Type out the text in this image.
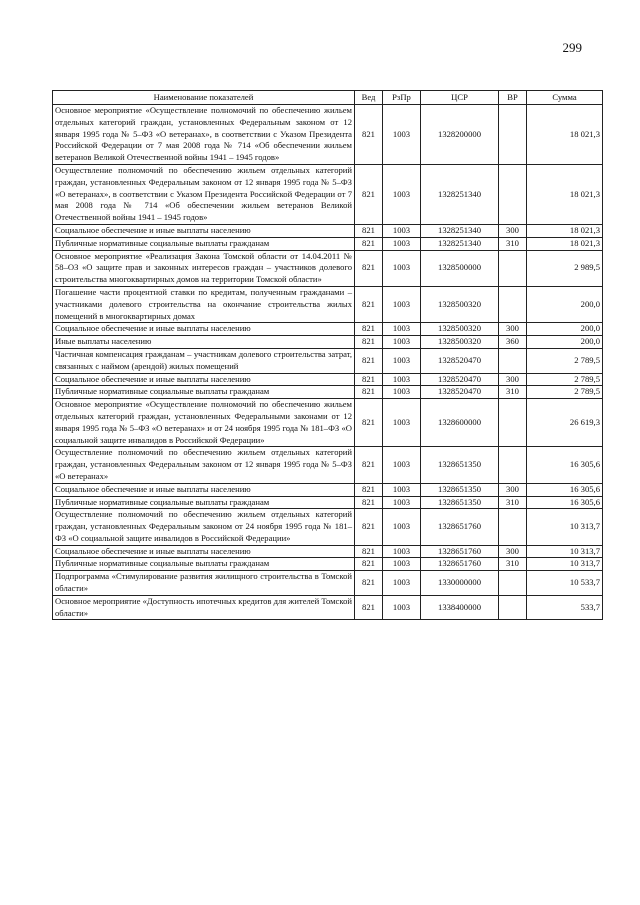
299
Наименование показателей	Вед	РзПр	ЦСР	ВР	Сумма
Основное мероприятие «Осуществление полномочий по обеспечению жильем отдельных категорий граждан, установленных Федеральным законом от 12 января 1995 года № 5–ФЗ «О ветеранах», в соответствии с Указом Президента Российской Федерации от 7 мая 2008 года № 714 «Об обеспечении жильем ветеранов Великой Отечественной войны 1941 – 1945 годов»	821	1003	1328200000		18 021,3
Осуществление полномочий по обеспечению жильем отдельных категорий граждан, установленных Федеральным законом от 12 января 1995 года № 5–ФЗ «О ветеранах», в соответствии с Указом Президента Российской Федерации от 7 мая 2008 года № 714 «Об обеспечении жильем ветеранов Великой Отечественной войны 1941 – 1945 годов»	821	1003	1328251340		18 021,3
Социальное обеспечение и иные выплаты населению	821	1003	1328251340	300	18 021,3
Публичные нормативные социальные выплаты гражданам	821	1003	1328251340	310	18 021,3
Основное мероприятие «Реализация Закона Томской области от 14.04.2011 № 58–ОЗ «О защите прав и законных интересов граждан – участников долевого строительства многоквартирных домов на территории Томской области»	821	1003	1328500000		2 989,5
Погашение части процентной ставки по кредитам, полученным гражданами – участниками долевого строительства на окончание строительства жилых помещений в многоквартирных домах	821	1003	1328500320		200,0
Социальное обеспечение и иные выплаты населению	821	1003	1328500320	300	200,0
Иные выплаты населению	821	1003	1328500320	360	200,0
Частичная компенсация гражданам – участникам долевого строительства затрат, связанных с наймом (арендой) жилых помещений	821	1003	1328520470		2 789,5
Социальное обеспечение и иные выплаты населению	821	1003	1328520470	300	2 789,5
Публичные нормативные социальные выплаты гражданам	821	1003	1328520470	310	2 789,5
Основное мероприятие «Осуществление полномочий по обеспечению жильем отдельных категорий граждан, установленных Федеральными законами от 12 января 1995 года № 5–ФЗ «О ветеранах» и от 24 ноября 1995 года № 181–ФЗ «О социальной защите инвалидов в Российской Федерации»	821	1003	1328600000		26 619,3
Осуществление полномочий по обеспечению жильем отдельных категорий граждан, установленных Федеральным законом от 12 января 1995 года № 5–ФЗ «О ветеранах»	821	1003	1328651350		16 305,6
Социальное обеспечение и иные выплаты населению	821	1003	1328651350	300	16 305,6
Публичные нормативные социальные выплаты гражданам	821	1003	1328651350	310	16 305,6
Осуществление полномочий по обеспечению жильем отдельных категорий граждан, установленных Федеральным законом от 24 ноября 1995 года № 181–ФЗ «О социальной защите инвалидов в Российской Федерации»	821	1003	1328651760		10 313,7
Социальное обеспечение и иные выплаты населению	821	1003	1328651760	300	10 313,7
Публичные нормативные социальные выплаты гражданам	821	1003	1328651760	310	10 313,7
Подпрограмма «Стимулирование развития жилищного строительства в Томской области»	821	1003	1330000000		10 533,7
Основное мероприятие «Доступность ипотечных кредитов для жителей Томской области»	821	1003	1338400000		533,7
